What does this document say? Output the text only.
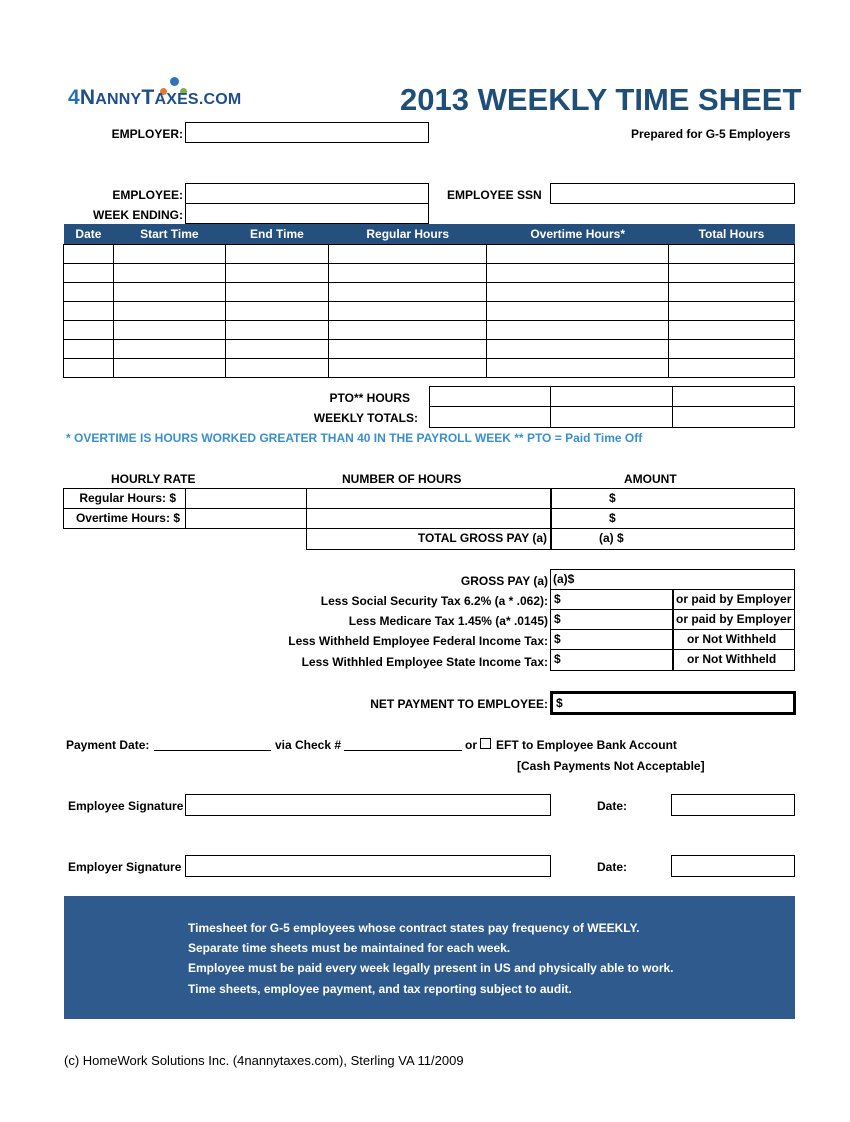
4NANNYTAXES.COM	2013 WEEKLY TIME SHEET
Prepared for G-5 Employers
EMPLOYER:
EMPLOYEE:
WEEK ENDING:
EMPLOYEE SSN
Date	Start Time	End Time	Regular Hours	Overtime Hours*	Total Hours

PTO** HOURS
WEEKLY TOTALS:
* OVERTIME IS HOURS WORKED GREATER THAN 40 IN THE PAYROLL WEEK ** PTO = Paid Time Off
HOURLY RATE	NUMBER OF HOURS	AMOUNT
Regular Hours: $	$
Overtime Hours: $	$
TOTAL GROSS PAY (a)	(a) $
GROSS PAY (a) (a)$
Less Social Security Tax 6.2% (a * .062): $	or paid by Employer
Less Medicare Tax 1.45% (a* .0145) $	or paid by Employer
Less Withheld Employee Federal Income Tax: $	or Not Withheld
Less Withhled Employee State Income Tax: $	or Not Withheld
NET PAYMENT TO EMPLOYEE: $
Payment Date:	via Check #	or EFT to Employee Bank Account
[Cash Payments Not Acceptable]
Employee Signature	Date:
Employer Signature	Date:
Timesheet for G-5 employees whose contract states pay frequency of WEEKLY.
Separate time sheets must be maintained for each week.
Employee must be paid every week legally present in US and physically able to work.
Time sheets, employee payment, and tax reporting subject to audit.
(c) HomeWork Solutions Inc. (4nannytaxes.com), Sterling VA 11/2009
